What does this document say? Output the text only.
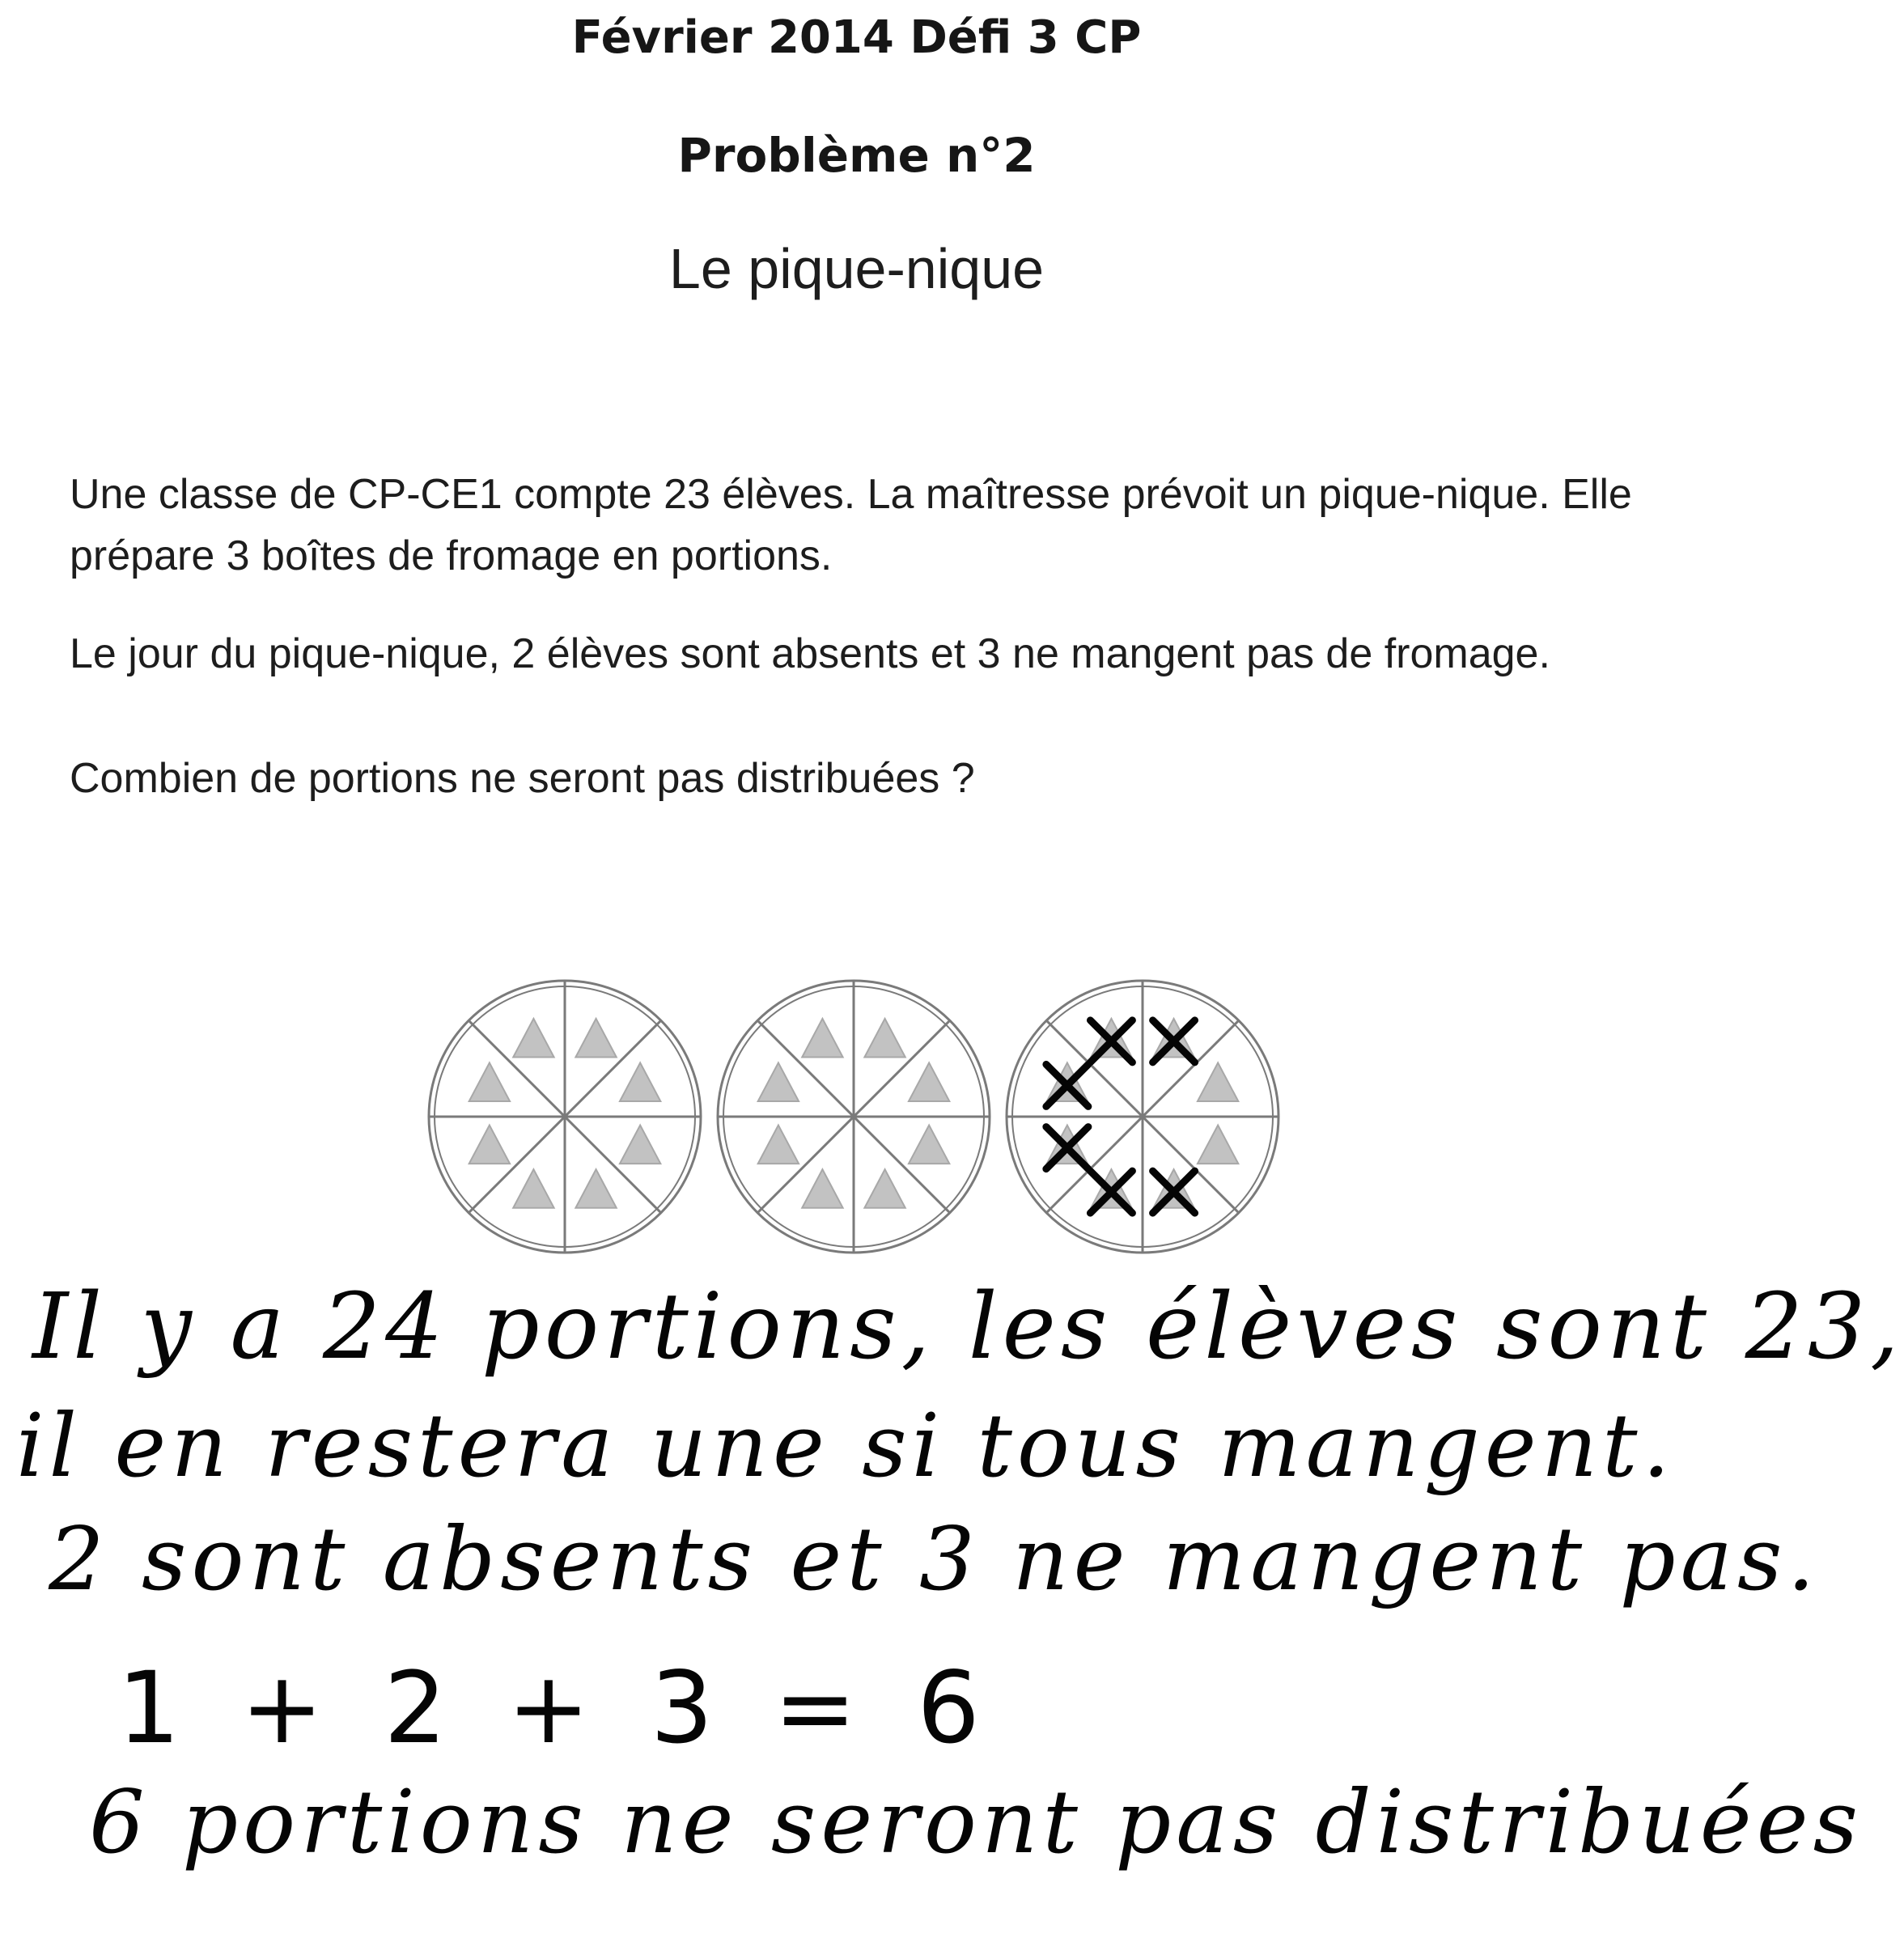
Février 2014 Défi 3 CP
Problème n°2
Le pique-nique
Une classe de CP-CE1 compte 23 élèves. La maîtresse prévoit un pique-nique. Elle prépare 3 boîtes de fromage en portions.
Le jour du pique-nique, 2 élèves sont absents et 3 ne mangent pas de fromage.
Combien de portions ne seront pas distribuées ?
Il y a 24 portions, les élèves sont 23,
il en restera une si tous mangent.
2 sont absents et 3 ne mangent pas.
1 + 2 + 3 = 6
6 portions ne seront pas distribuées
